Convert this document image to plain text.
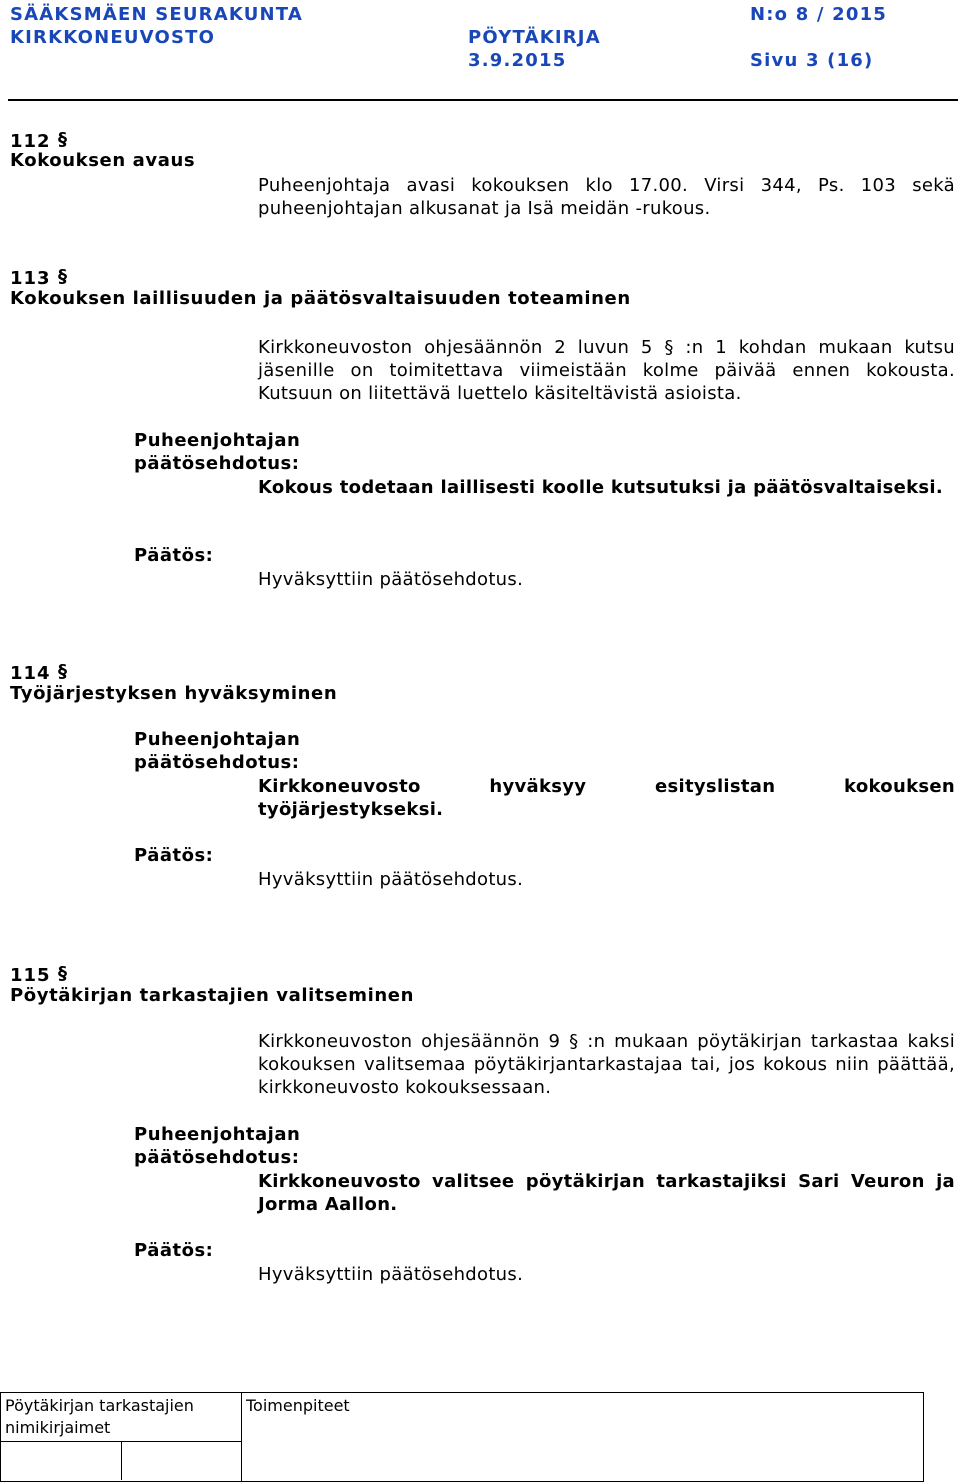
SÄÄKSMÄEN SEURAKUNTA	N:o 8 / 2015
KIRKKONEUVOSTO	PÖYTÄKIRJA
3.9.2015	Sivu 3 (16)
112 §
Kokouksen avaus
Puheenjohtaja avasi kokouksen klo 17.00. Virsi 344, Ps. 103 sekä puheenjohtajan alkusanat ja Isä meidän -rukous.
113 §
Kokouksen laillisuuden ja päätösvaltaisuuden toteaminen
Kirkkoneuvoston ohjesäännön 2 luvun 5 § :n 1 kohdan mukaan kutsu jäsenille on toimitettava viimeistään kolme päivää ennen kokousta. Kutsuun on liitettävä luettelo käsiteltävistä asioista.
Puheenjohtajan
päätösehdotus:
Kokous todetaan laillisesti koolle kutsutuksi ja päätösvaltaiseksi.
Päätös:
Hyväksyttiin päätösehdotus.
114 §
Työjärjestyksen hyväksyminen
Puheenjohtajan
päätösehdotus:
Kirkkoneuvosto hyväksyy esityslistan kokouksen työjärjestykseksi.
Päätös:
Hyväksyttiin päätösehdotus.
115 §
Pöytäkirjan tarkastajien valitseminen
Kirkkoneuvoston ohjesäännön 9 § :n mukaan pöytäkirjan tarkastaa kaksi kokouksen valitsemaa pöytäkirjantarkastajaa tai, jos kokous niin päättää, kirkkoneuvosto kokouksessaan.
Puheenjohtajan
päätösehdotus:
Kirkkoneuvosto valitsee pöytäkirjan tarkastajiksi Sari Veuron ja Jorma Aallon.
Päätös:
Hyväksyttiin päätösehdotus.
Pöytäkirjan tarkastajien nimikirjaimet
Toimenpiteet
